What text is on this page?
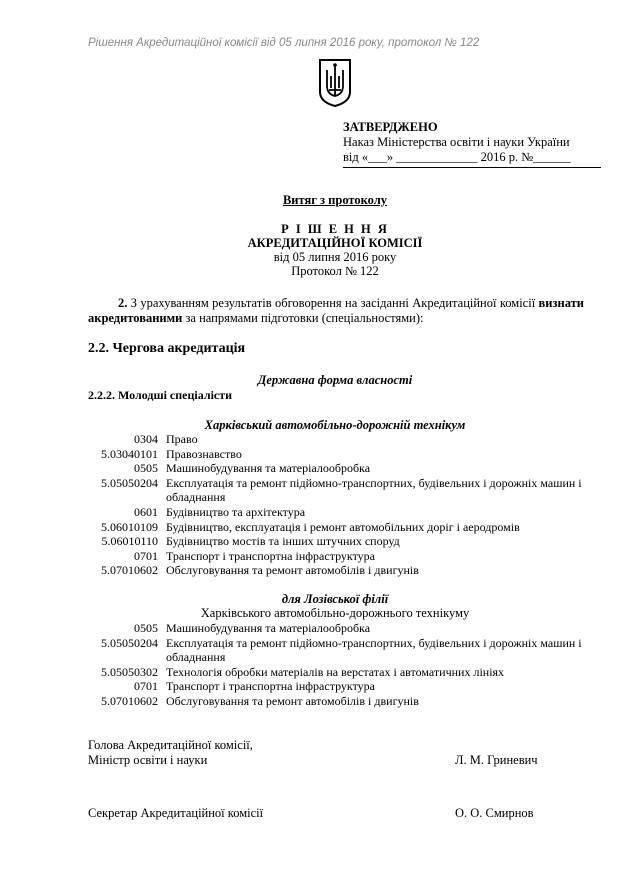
Рішення Акредитаційної комісії від 05 липня 2016 року, протокол № 122
ЗАТВЕРДЖЕНО
Наказ Міністерства освіти і науки України
від «___» _____________ 2016 р. №______
Витяг з протоколу
Р І Ш Е Н Н Я
АКРЕДИТАЦІЙНОЇ КОМІСІЇ
від 05 липня 2016 року
Протокол № 122
2. З урахуванням результатів обговорення на засіданні Акредитаційної комісії визнати акредитованими за напрямами підготовки (спеціальностями):
2.2. Чергова акредитація
Державна форма власності
2.2.2. Молодші спеціалісти
Харківський автомобільно-дорожній технікум
0304 Право
5.03040101 Правознавство
0505 Машинобудування та матеріалообробка
5.05050204 Експлуатація та ремонт підйомно-транспортних, будівельних і дорожніх машин і обладнання
0601 Будівництво та архітектура
5.06010109 Будівництво, експлуатація і ремонт автомобільних доріг і аеродромів
5.06010110 Будівництво мостів та інших штучних споруд
0701 Транспорт і транспортна інфраструктура
5.07010602 Обслуговування та ремонт автомобілів і двигунів
для Лозівської філії
Харківського автомобільно-дорожнього технікуму
0505 Машинобудування та матеріалообробка
5.05050204 Експлуатація та ремонт підйомно-транспортних, будівельних і дорожніх машин і обладнання
5.05050302 Технологія обробки матеріалів на верстатах і автоматичних лініях
0701 Транспорт і транспортна інфраструктура
5.07010602 Обслуговування та ремонт автомобілів і двигунів
Голова Акредитаційної комісії,
Міністр освіти і науки	Л. М. Гриневич
Секретар Акредитаційної комісії	О. О. Смирнов
